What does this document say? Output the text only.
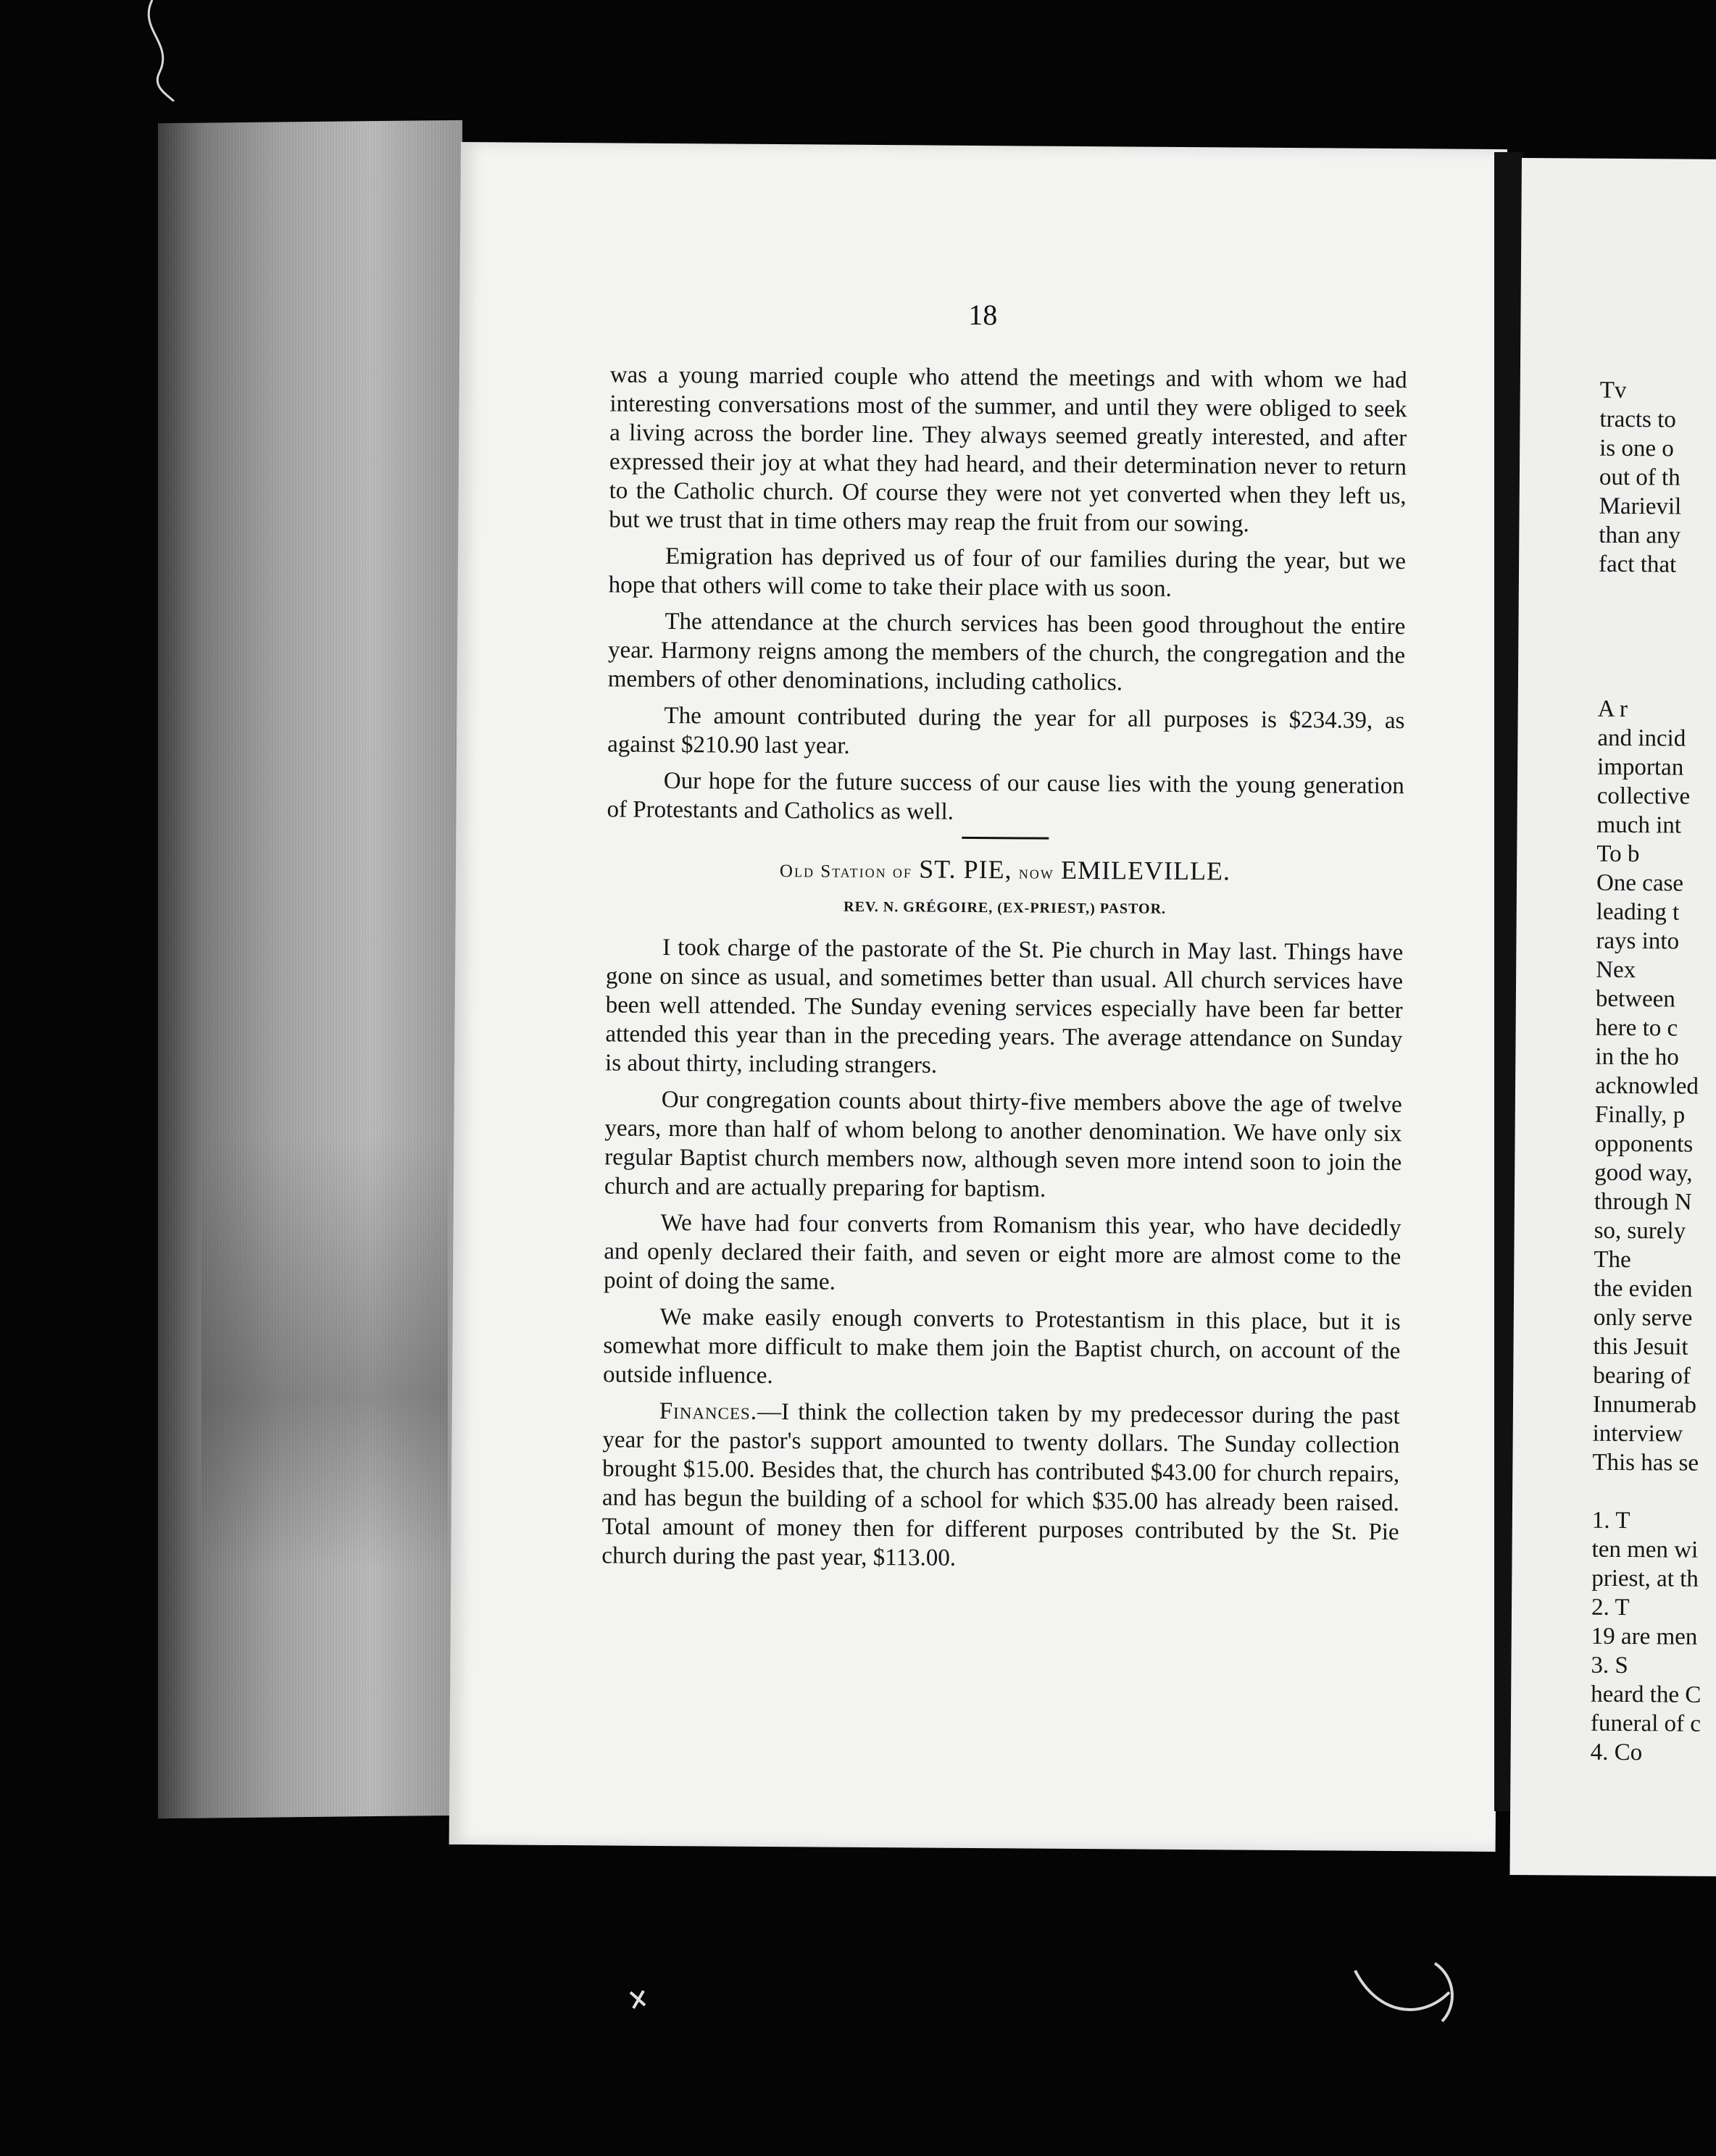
18

was a young married couple who attend the meetings and with whom we had interesting conversations most of the summer, and until they were obliged to seek a living across the border line. They always seemed greatly interested, and after expressed their joy at what they had heard, and their determination never to return to the Catholic church. Of course they were not yet converted when they left us, but we trust that in time others may reap the fruit from our sowing.

Emigration has deprived us of four of our families during the year, but we hope that others will come to take their place with us soon.

The attendance at the church services has been good throughout the entire year. Harmony reigns among the members of the church, the congregation and the members of other denominations, including catholics.

The amount contributed during the year for all purposes is $234.39, as against $210.90 last year.

Our hope for the future success of our cause lies with the young generation of Protestants and Catholics as well.

Old Station of ST. PIE, now EMILEVILLE.
REV. N. GRÉGOIRE, (EX-PRIEST,) PASTOR.

I took charge of the pastorate of the St. Pie church in May last. Things have gone on since as usual, and sometimes better than usual. All church services have been well attended. The Sunday evening services especially have been far better attended this year than in the preceding years. The average attendance on Sunday is about thirty, including strangers.

Our congregation counts about thirty-five members above the age of twelve years, more than half of whom belong to another denomination. We have only six regular Baptist church members now, although seven more intend soon to join the church and are actually preparing for baptism.

We have had four converts from Romanism this year, who have decidedly and openly declared their faith, and seven or eight more are almost come to the point of doing the same.

We make easily enough converts to Protestantism in this place, but it is somewhat more difficult to make them join the Baptist church, on account of the outside influence.

Finances.—I think the collection taken by my predecessor during the past year for the pastor's support amounted to twenty dollars. The Sunday collection brought $15.00. Besides that, the church has contributed $43.00 for church repairs, and has begun the building of a school for which $35.00 has already been raised. Total amount of money then for different purposes contributed by the St. Pie church during the past year, $113.00.

Tv
tracts to
is one o
out of th
Marievil
than any
fact that
A r
and incid
importan
collective
much int
To b
One case
leading t
rays into
Nex
between
here to c
in the ho
acknowled
Finally, p
opponents
good way,
through N
so, surely
The
the eviden
only serve
this Jesuit
bearing of
Innumerab
interview
This has se
1. T
ten men wi
priest, at th
2. T
19 are men
3. S
heard the C
funeral of c
4. Co
